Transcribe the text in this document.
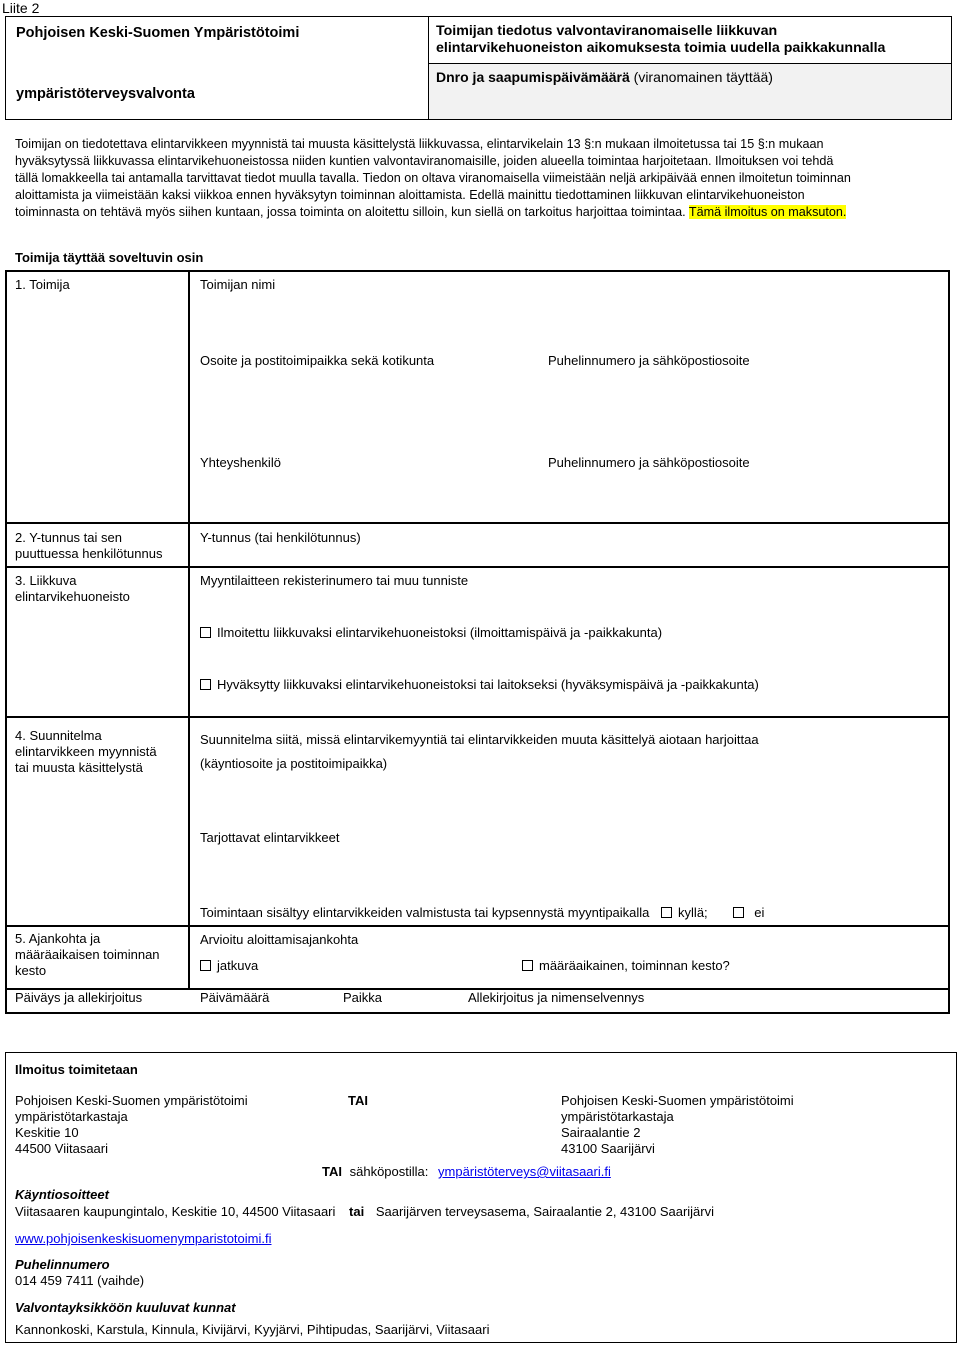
Liite 2
Pohjoisen Keski-Suomen Ympäristötoimi
ympäristöterveysvalvonta
Toimijan tiedotus valvontaviranomaiselle liikkuvan
elintarvikehuoneiston aikomuksesta toimia uudella paikkakunnalla
Dnro ja saapumispäivämäärä (viranomainen täyttää)
Toimijan on tiedotettava elintarvikkeen myynnistä tai muusta käsittelystä liikkuvassa, elintarvikelain 13 §:n mukaan ilmoitetussa tai 15 §:n mukaan
hyväksytyssä liikkuvassa elintarvikehuoneistossa niiden kuntien valvontaviranomaisille, joiden alueella toimintaa harjoitetaan. Ilmoituksen voi tehdä
tällä lomakkeella tai antamalla tarvittavat tiedot muulla tavalla. Tiedon on oltava viranomaisella viimeistään neljä arkipäivää ennen ilmoitetun toiminnan
aloittamista ja viimeistään kaksi viikkoa ennen hyväksytyn toiminnan aloittamista. Edellä mainittu tiedottaminen liikkuvan elintarvikehuoneiston
toiminnasta on tehtävä myös siihen kuntaan, jossa toiminta on aloitettu silloin, kun siellä on tarkoitus harjoittaa toimintaa. Tämä ilmoitus on maksuton.
Toimija täyttää soveltuvin osin
1. Toimija	Toimijan nimi
Osoite ja postitoimipaikka sekä kotikunta	Puhelinnumero ja sähköpostiosoite
Yhteyshenkilö	Puhelinnumero ja sähköpostiosoite
2. Y-tunnus tai sen
puuttuessa henkilötunnus
Y-tunnus (tai henkilötunnus)
3. Liikkuva
elintarvikehuoneisto
Myyntilaitteen rekisterinumero tai muu tunniste
Ilmoitettu liikkuvaksi elintarvikehuoneistoksi (ilmoittamispäivä ja -paikkakunta)
Hyväksytty liikkuvaksi elintarvikehuoneistoksi tai laitokseksi (hyväksymispäivä ja -paikkakunta)
4. Suunnitelma
elintarvikkeen myynnistä
tai muusta käsittelystä
Suunnitelma siitä, missä elintarvikemyyntiä tai elintarvikkeiden muuta käsittelyä aiotaan harjoittaa
(käyntiosoite ja postitoimipaikka)
Tarjottavat elintarvikkeet
Toimintaan sisältyy elintarvikkeiden valmistusta tai kypsennystä myyntipaikalla kyllä;	ei
5. Ajankohta ja
määräaikaisen toiminnan
kesto
Arvioitu aloittamisajankohta
jatkuva	määräaikainen, toiminnan kesto?
Päiväys ja allekirjoitus	Päivämäärä	Paikka	Allekirjoitus ja nimenselvennys
Ilmoitus toimitetaan
Pohjoisen Keski-Suomen ympäristötoimi
ympäristötarkastaja
Keskitie 10
44500 Viitasaari
TAI	Pohjoisen Keski-Suomen ympäristötoimi
ympäristötarkastaja
Sairaalantie 2
43100 Saarijärvi
TAI sähköpostilla: ympäristöterveys@viitasaari.fi
Käyntiosoitteet
Viitasaaren kaupungintalo, Keskitie 10, 44500 Viitasaari tai Saarijärven terveysasema, Sairaalantie 2, 43100 Saarijärvi
www.pohjoisenkeskisuomenymparistotoimi.fi
Puhelinnumero
014 459 7411 (vaihde)
Valvontayksikköön kuuluvat kunnat
Kannonkoski, Karstula, Kinnula, Kivijärvi, Kyyjärvi, Pihtipudas, Saarijärvi, Viitasaari
